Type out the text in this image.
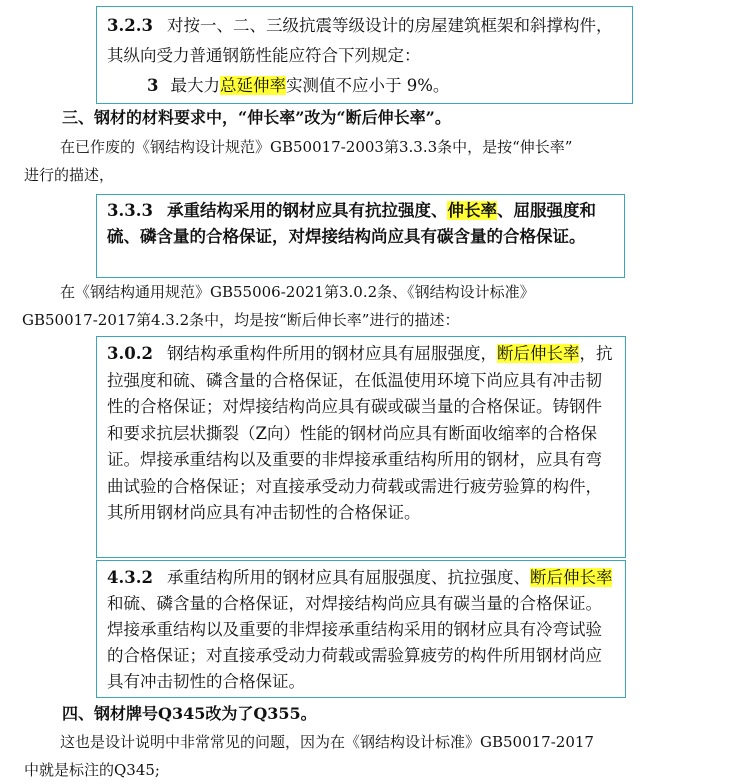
3.2.3 对按一、二、三级抗震等级设计的房屋建筑框架和斜撑构件，其纵向受力普通钢筋性能应符合下列规定：
3 最大力总延伸率实测值不应小于 9%。
三、钢材的材料要求中，“伸长率”改为“断后伸长率”。
在已作废的《钢结构设计规范》GB50017-2003第3.3.3条中，是按“伸长率”
进行的描述，
3.3.3 承重结构采用的钢材应具有抗拉强度、伸长率、屈服强度和硫、磷含量的合格保证，对焊接结构尚应具有碳含量的合格保证。
在《钢结构通用规范》GB55006-2021第3.0.2条、《钢结构设计标准》
GB50017-2017第4.3.2条中，均是按“断后伸长率”进行的描述：
3.0.2 钢结构承重构件所用的钢材应具有屈服强度，断后伸长率，抗拉强度和硫、磷含量的合格保证，在低温使用环境下尚应具有冲击韧性的合格保证；对焊接结构尚应具有碳或碳当量的合格保证。铸钢件和要求抗层状撕裂（Z向）性能的钢材尚应具有断面收缩率的合格保证。焊接承重结构以及重要的非焊接承重结构所用的钢材，应具有弯曲试验的合格保证；对直接承受动力荷载或需进行疲劳验算的构件，其所用钢材尚应具有冲击韧性的合格保证。
4.3.2 承重结构所用的钢材应具有屈服强度、抗拉强度、断后伸长率和硫、磷含量的合格保证，对焊接结构尚应具有碳当量的合格保证。焊接承重结构以及重要的非焊接承重结构采用的钢材应具有冷弯试验的合格保证；对直接承受动力荷载或需验算疲劳的构件所用钢材尚应具有冲击韧性的合格保证。
四、钢材牌号Q345改为了Q355。
这也是设计说明中非常常见的问题，因为在《钢结构设计标准》GB50017-2017
中就是标注的Q345;
